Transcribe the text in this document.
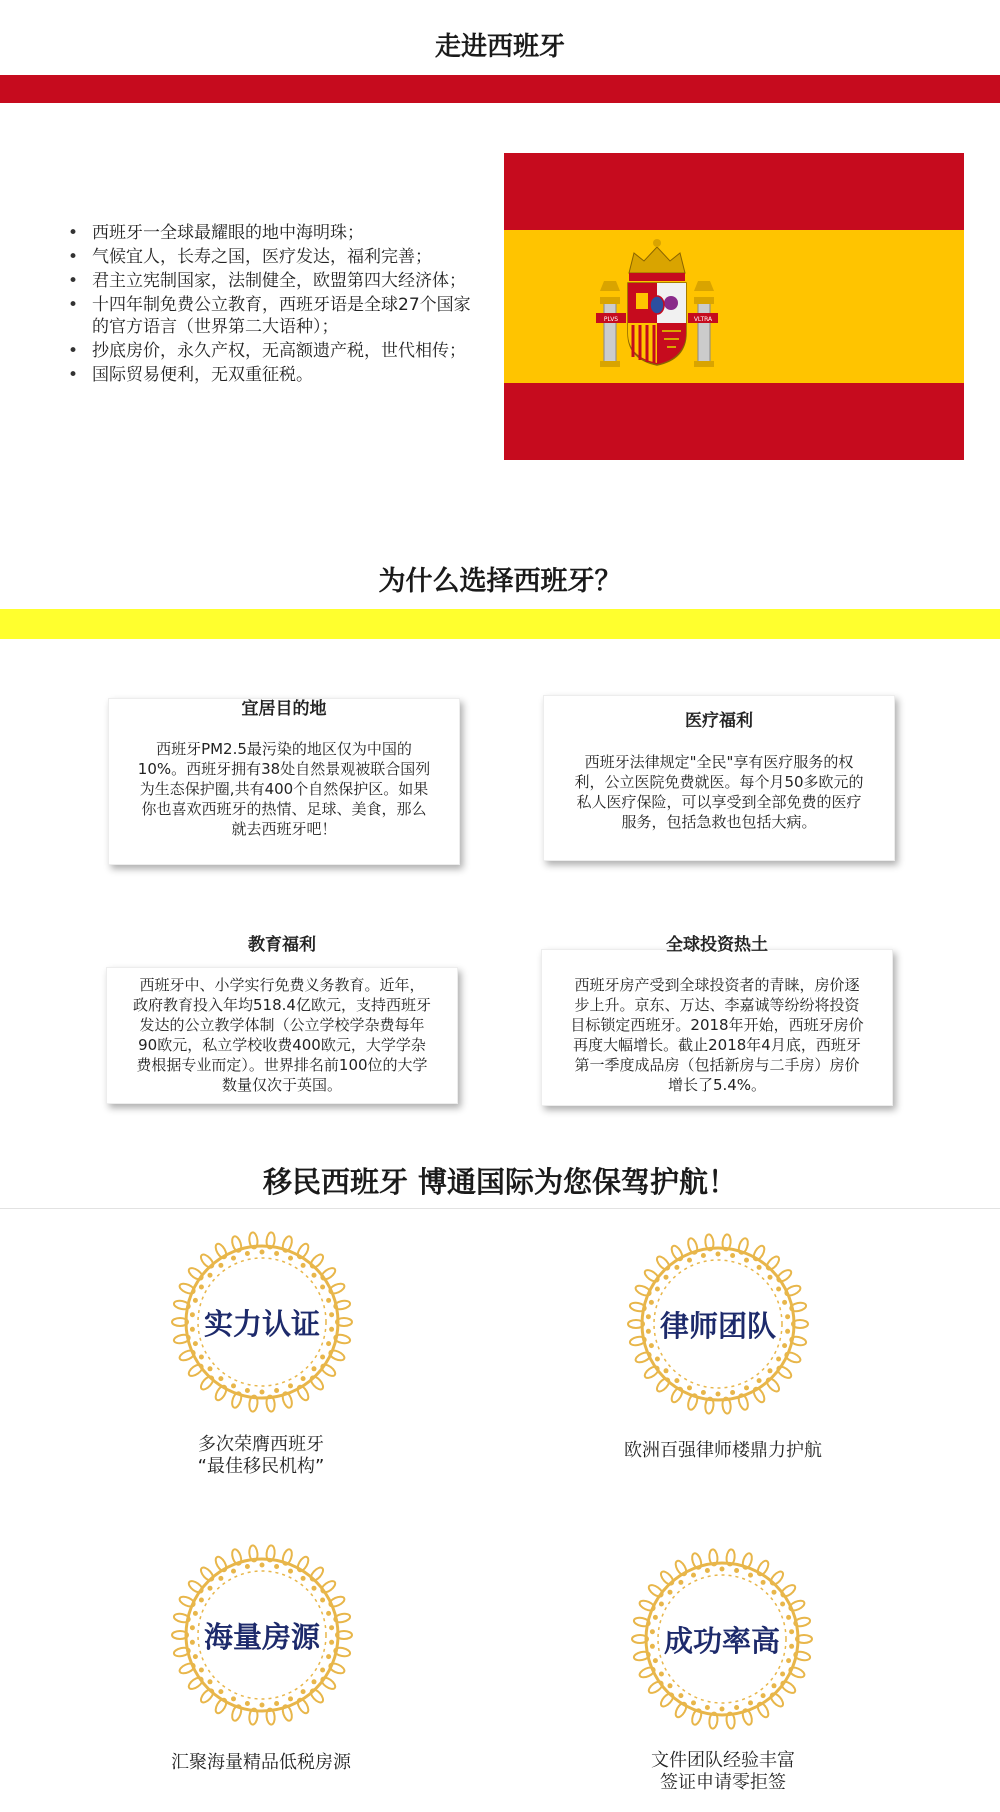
走进西班牙
• 西班牙一全球最耀眼的地中海明珠；
• 气候宜人，长寿之国，医疗发达，福利完善；
• 君主立宪制国家，法制健全，欧盟第四大经济体；
• 十四年制免费公立教育，西班牙语是全球27个国家的官方语言（世界第二大语种）；
• 抄底房价，永久产权，无高额遗产税，世代相传；
• 国际贸易便利，无双重征税。
PLVS	VLTRA
为什么选择西班牙？
西班牙PM2.5最污染的地区仅为中国的10%。西班牙拥有38处自然景观被联合国列为生态保护圈,共有400个自然保护区。如果你也喜欢西班牙的热情、足球、美食，那么就去西班牙吧！
宜居目的地
西班牙法律规定"全民"享有医疗服务的权利，公立医院免费就医。每个月50多欧元的私人医疗保险，可以享受到全部免费的医疗服务，包括急救也包括大病。
医疗福利
西班牙中、小学实行免费义务教育。近年，政府教育投入年均518.4亿欧元，支持西班牙发达的公立教学体制（公立学校学杂费每年90欧元，私立学校收费400欧元，大学学杂费根据专业而定）。世界排名前100位的大学数量仅次于英国。
教育福利
西班牙房产受到全球投资者的青睐，房价逐步上升。京东、万达、李嘉诚等纷纷将投资目标锁定西班牙。2018年开始，西班牙房价再度大幅增长。截止2018年4月底，西班牙第一季度成品房（包括新房与二手房）房价增长了5.4%。
全球投资热土
移民西班牙 博通国际为您保驾护航！
实力认证	律师团队
海量房源	成功率高
多次荣膺西班牙
“最佳移民机构”
欧洲百强律师楼鼎力护航
汇聚海量精品低税房源	文件团队经验丰富
签证申请零拒签
